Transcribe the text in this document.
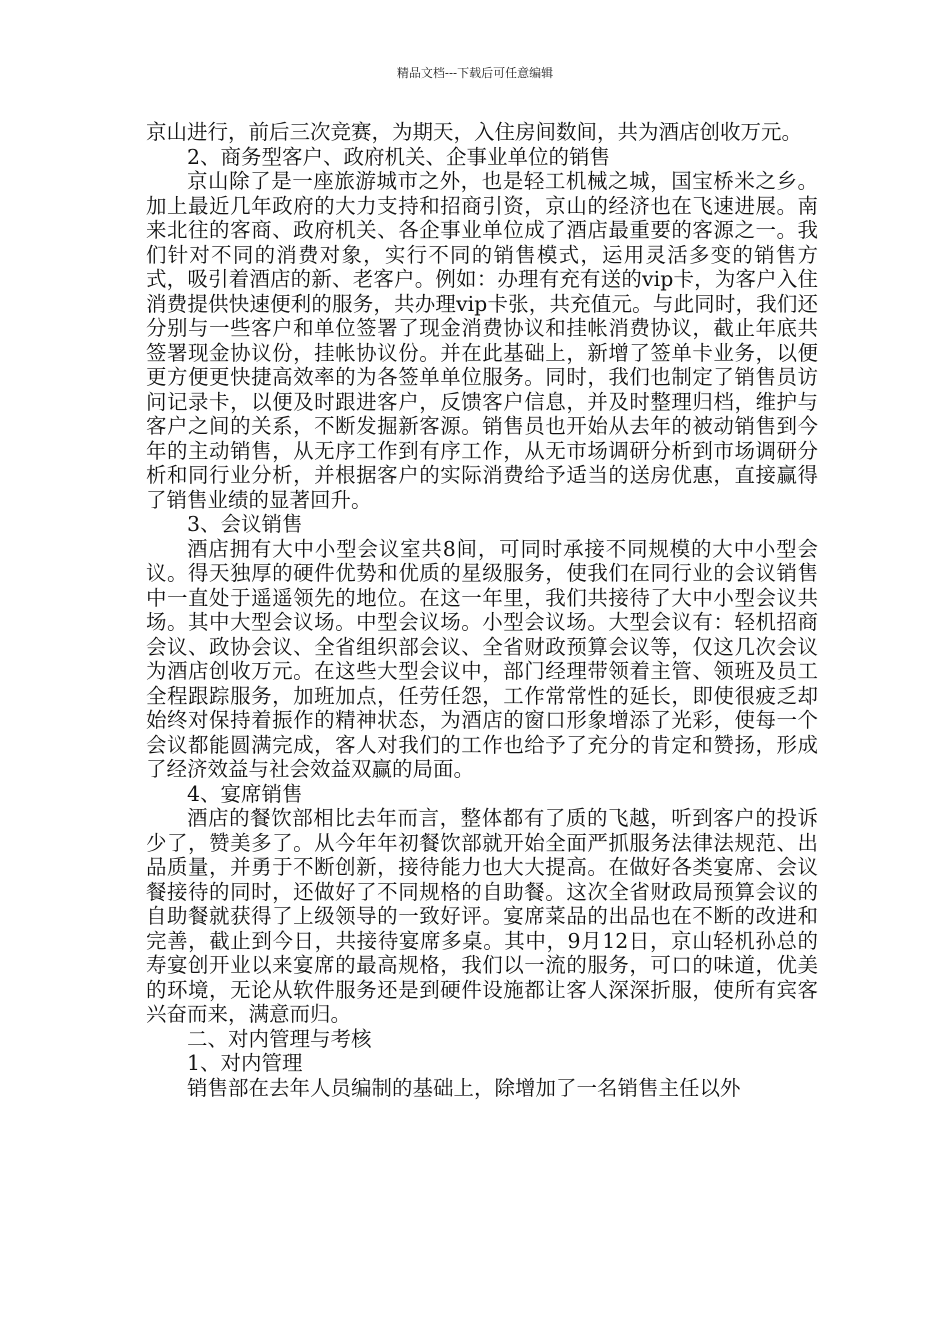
精品文档---下载后可任意编辑

京山进行，前后三次竞赛，为期天，入住房间数间，共为酒店创收万元。

2、商务型客户、政府机关、企事业单位的销售

京山除了是一座旅游城市之外，也是轻工机械之城，国宝桥米之乡。加上最近几年政府的大力支持和招商引资，京山的经济也在飞速进展。南来北往的客商、政府机关、各企事业单位成了酒店最重要的客源之一。我们针对不同的消费对象，实行不同的销售模式，运用灵活多变的销售方式，吸引着酒店的新、老客户。例如：办理有充有送的vip卡，为客户入住消费提供快速便利的服务，共办理vip卡张，共充值元。与此同时，我们还分别与一些客户和单位签署了现金消费协议和挂帐消费协议，截止年底共签署现金协议份，挂帐协议份。并在此基础上，新增了签单卡业务，以便更方便更快捷高效率的为各签单单位服务。同时，我们也制定了销售员访问记录卡，以便及时跟进客户，反馈客户信息，并及时整理归档，维护与客户之间的关系，不断发掘新客源。销售员也开始从去年的被动销售到今年的主动销售，从无序工作到有序工作，从无市场调研分析到市场调研分析和同行业分析，并根据客户的实际消费给予适当的送房优惠，直接赢得了销售业绩的显著回升。

3、会议销售

酒店拥有大中小型会议室共8间，可同时承接不同规模的大中小型会议。得天独厚的硬件优势和优质的星级服务，使我们在同行业的会议销售中一直处于遥遥领先的地位。在这一年里，我们共接待了大中小型会议共场。其中大型会议场。中型会议场。小型会议场。大型会议有：轻机招商会议、政协会议、全省组织部会议、全省财政预算会议等，仅这几次会议为酒店创收万元。在这些大型会议中，部门经理带领着主管、领班及员工全程跟踪服务，加班加点，任劳任怨，工作常常性的延长，即使很疲乏却始终对保持着振作的精神状态，为酒店的窗口形象增添了光彩，使每一个会议都能圆满完成，客人对我们的工作也给予了充分的肯定和赞扬，形成了经济效益与社会效益双赢的局面。

4、宴席销售

酒店的餐饮部相比去年而言，整体都有了质的飞越，听到客户的投诉少了，赞美多了。从今年年初餐饮部就开始全面严抓服务法律法规范、出品质量，并勇于不断创新，接待能力也大大提高。在做好各类宴席、会议餐接待的同时，还做好了不同规格的自助餐。这次全省财政局预算会议的自助餐就获得了上级领导的一致好评。宴席菜品的出品也在不断的改进和完善，截止到今日，共接待宴席多桌。其中，9月12日，京山轻机孙总的寿宴创开业以来宴席的最高规格，我们以一流的服务，可口的味道，优美的环境，无论从软件服务还是到硬件设施都让客人深深折服，使所有宾客兴奋而来，满意而归。

二、对内管理与考核

1、对内管理

销售部在去年人员编制的基础上，除增加了一名销售主任以外
